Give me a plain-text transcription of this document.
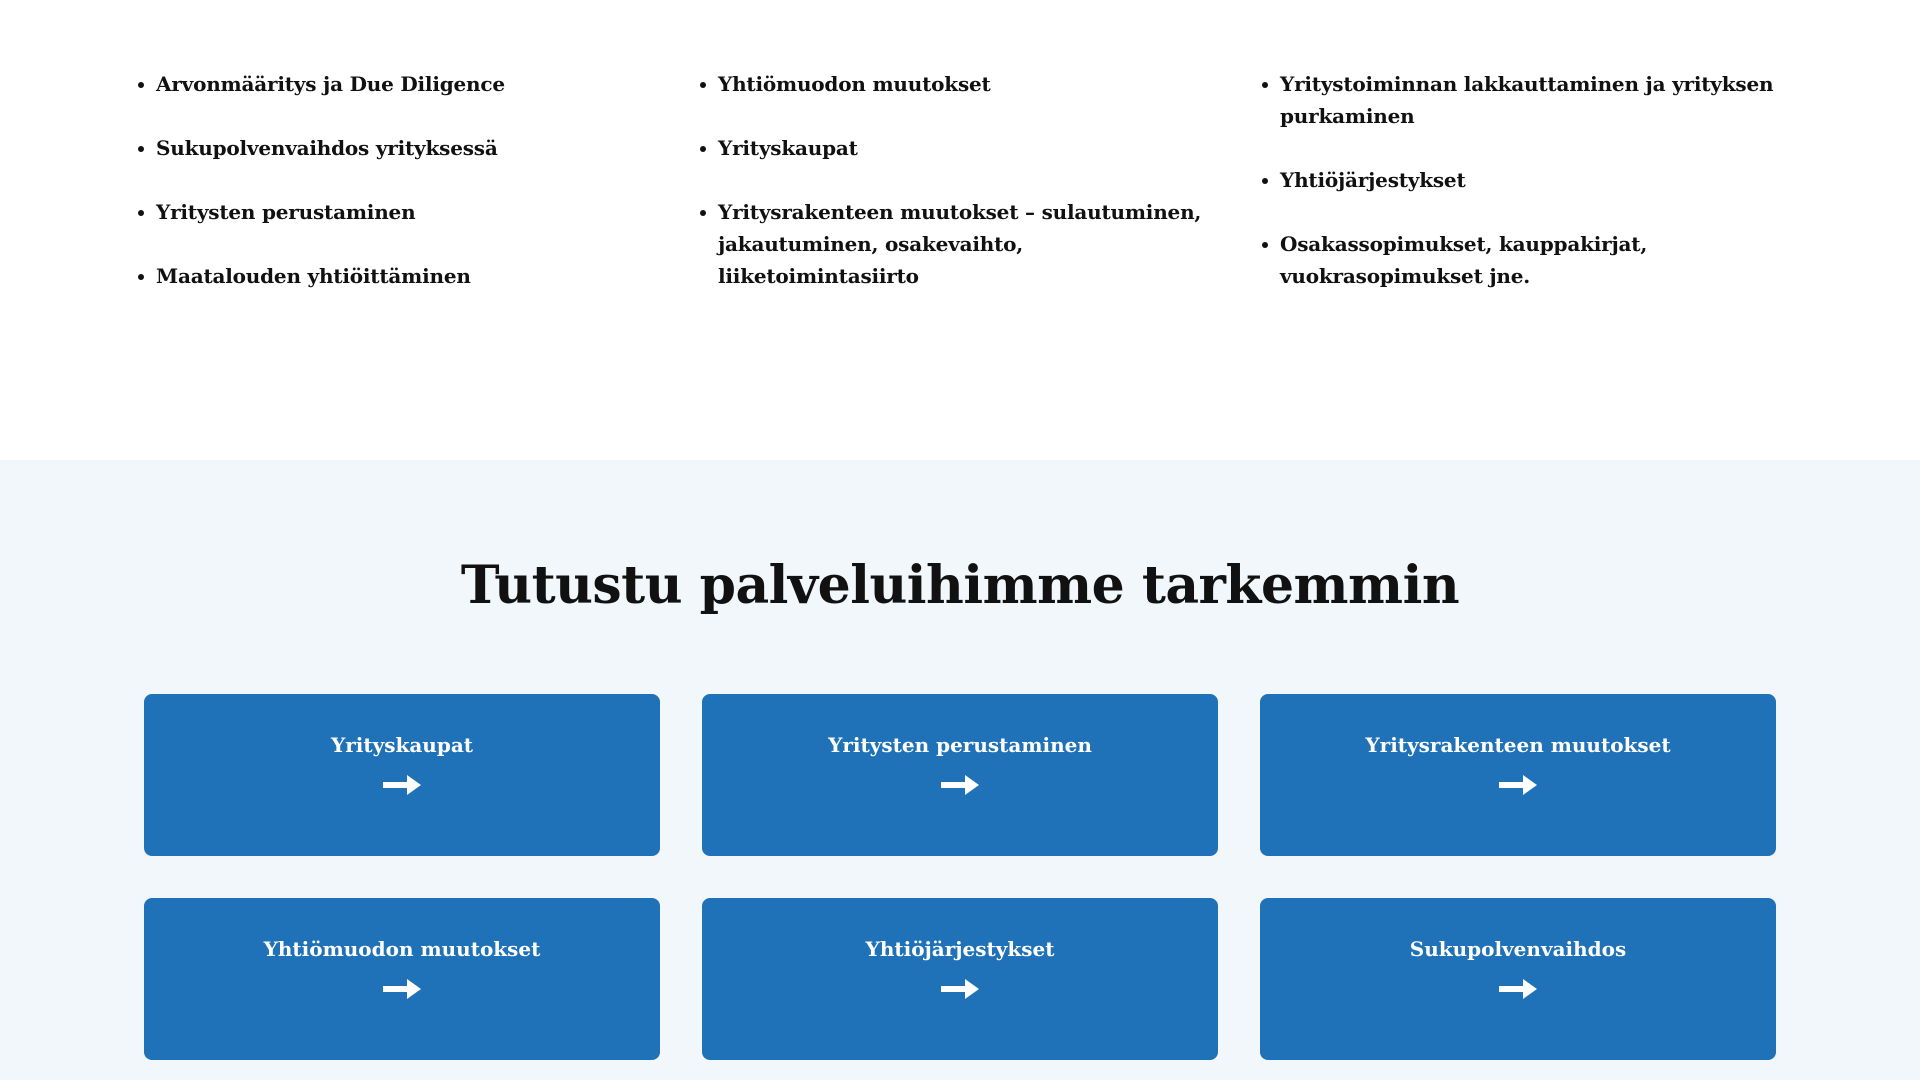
Arvonmääritys ja Due Diligence
Sukupolvenvaihdos yrityksessä
Yritysten perustaminen
Maatalouden yhtiöittäminen
Yhtiömuodon muutokset
Yrityskaupat
Yritysrakenteen muutokset – sulautuminen, jakautuminen, osakevaihto, liiketoimintasiirto
Yritystoiminnan lakkauttaminen ja yrityksen purkaminen
Yhtiöjärjestykset
Osakassopimukset, kauppakirjat, vuokrasopimukset jne.
Tutustu palveluihimme tarkemmin
Yrityskaupat	Yritysten perustaminen	Yritysrakenteen muutokset
Yhtiömuodon muutokset	Yhtiöjärjestykset	Sukupolvenvaihdos
